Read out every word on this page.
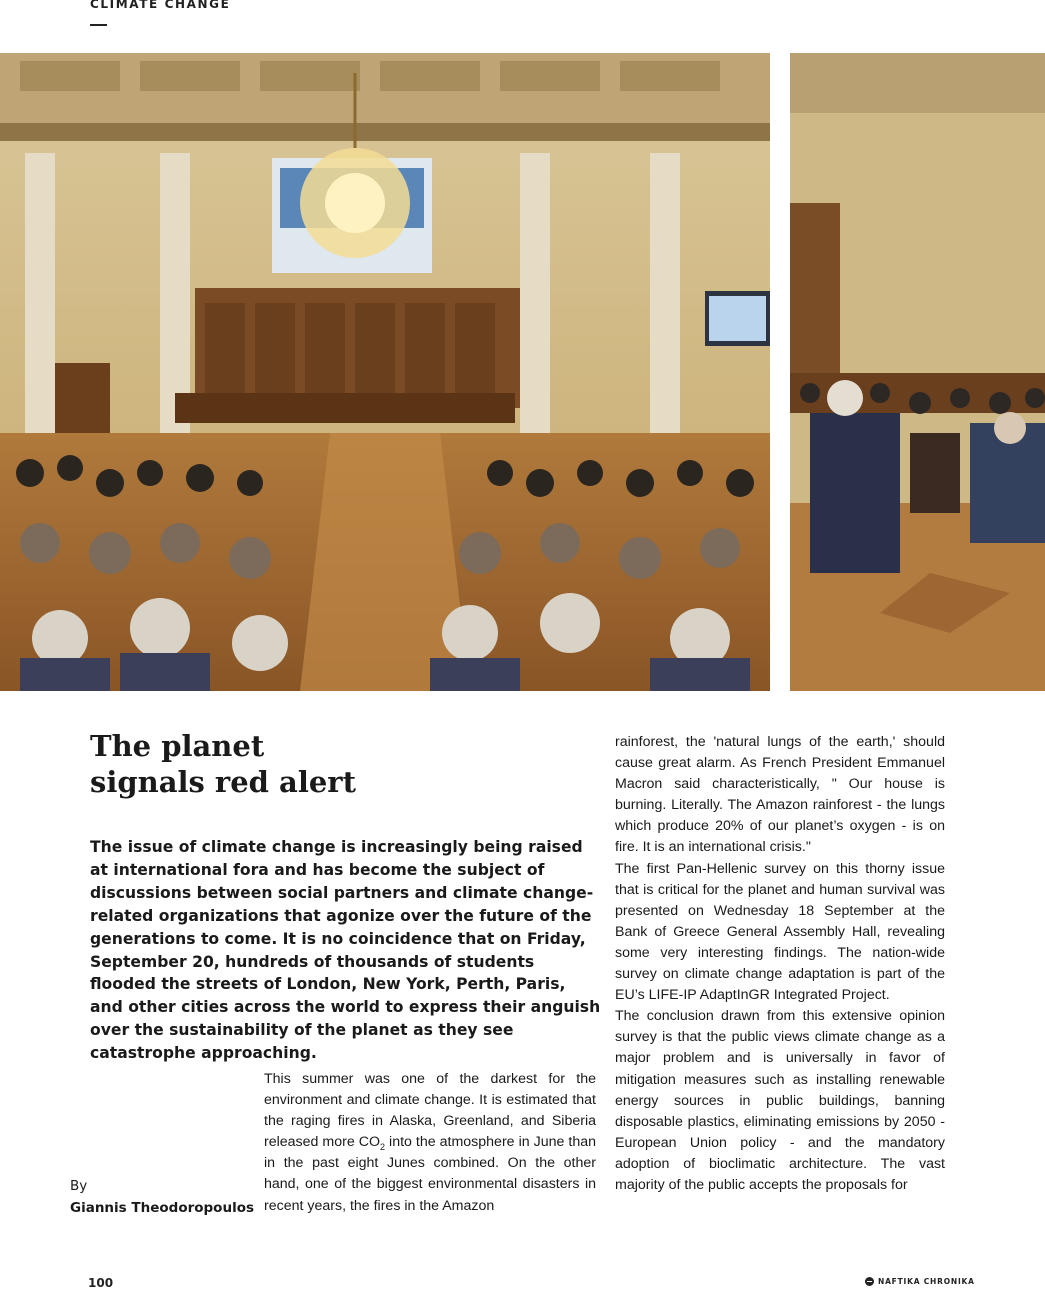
CLIMATE CHANGE
The planet
signals red alert

The issue of climate change is increasingly being raised at international fora and has become the subject of discussions between social partners and climate change-related organizations that agonize over the future of the generations to come. It is no coincidence that on Friday, September 20, hundreds of thousands of students flooded the streets of London, New York, Perth, Paris, and other cities across the world to express their anguish over the sustainability of the planet as they see catastrophe approaching.

By
Giannis Theodoropoulos

This summer was one of the darkest for the environment and climate change. It is estimated that the raging fires in Alaska, Greenland, and Siberia released more $CO_2$ into the atmosphere in June than in the past eight Junes combined. On the other hand, one of the biggest environmental disasters in recent years, the fires in the Amazon

rainforest, the 'natural lungs of the earth,' should cause great alarm. As French President Emmanuel Macron said characteristically, " Our house is burning. Literally. The Amazon rainforest - the lungs which produce 20% of our planet’s oxygen - is on fire. It is an international crisis."

The first Pan-Hellenic survey on this thorny issue that is critical for the planet and human survival was presented on Wednesday 18 September at the Bank of Greece General Assembly Hall, revealing some very interesting findings. The nation-wide survey on climate change adaptation is part of the EU’s LIFE-IP AdaptInGR Integrated Project.

The conclusion drawn from this extensive opinion survey is that the public views climate change as a major problem and is universally in favor of mitigation measures such as installing renewable energy sources in public buildings, banning disposable plastics, eliminating emissions by 2050 - European Union policy - and the mandatory adoption of bioclimatic architecture. The vast majority of the public accepts the proposals for

100	NAFTIKA CHRONIKA
